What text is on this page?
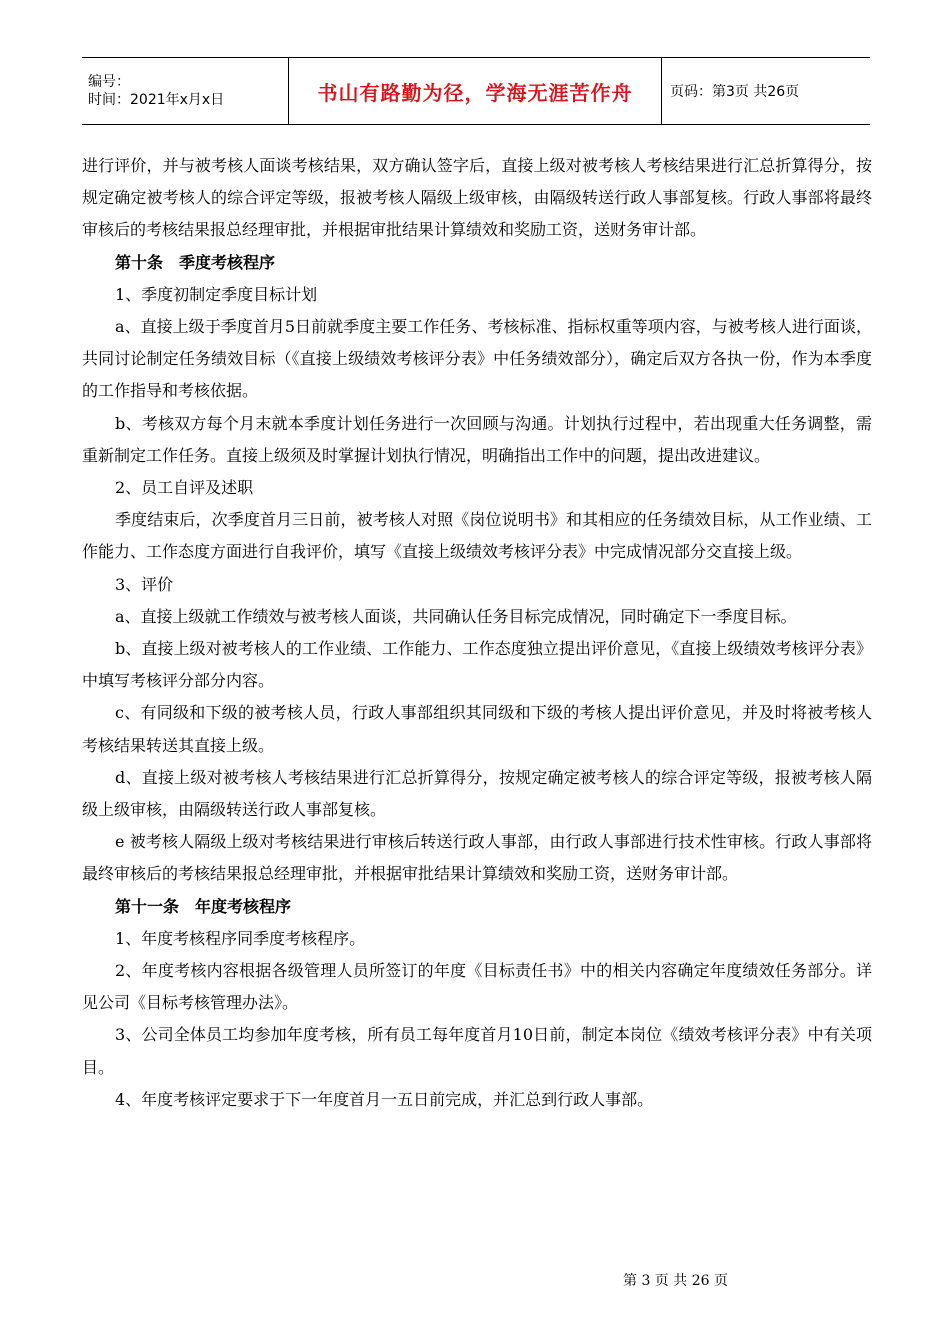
编号：
时间：2021年x月x日	书山有路勤为径，学海无涯苦作舟	页码：第3页 共26页

进行评价，并与被考核人面谈考核结果，双方确认签字后，直接上级对被考核人考核结果进行汇总折算得分，按规定确定被考核人的综合评定等级，报被考核人隔级上级审核，由隔级转送行政人事部复核。行政人事部将最终审核后的考核结果报总经理审批，并根据审批结果计算绩效和奖励工资，送财务审计部。

第十条　季度考核程序

1、季度初制定季度目标计划

a、直接上级于季度首月5日前就季度主要工作任务、考核标准、指标权重等项内容，与被考核人进行面谈，共同讨论制定任务绩效目标（《直接上级绩效考核评分表》中任务绩效部分），确定后双方各执一份，作为本季度的工作指导和考核依据。

b、考核双方每个月末就本季度计划任务进行一次回顾与沟通。计划执行过程中，若出现重大任务调整，需重新制定工作任务。直接上级须及时掌握计划执行情况，明确指出工作中的问题，提出改进建议。

2、员工自评及述职

季度结束后，次季度首月三日前，被考核人对照《岗位说明书》和其相应的任务绩效目标，从工作业绩、工作能力、工作态度方面进行自我评价，填写《直接上级绩效考核评分表》中完成情况部分交直接上级。

3、评价

a、直接上级就工作绩效与被考核人面谈，共同确认任务目标完成情况，同时确定下一季度目标。

b、直接上级对被考核人的工作业绩、工作能力、工作态度独立提出评价意见，《直接上级绩效考核评分表》中填写考核评分部分内容。

c、有同级和下级的被考核人员，行政人事部组织其同级和下级的考核人提出评价意见，并及时将被考核人考核结果转送其直接上级。

d、直接上级对被考核人考核结果进行汇总折算得分，按规定确定被考核人的综合评定等级，报被考核人隔级上级审核，由隔级转送行政人事部复核。

e 被考核人隔级上级对考核结果进行审核后转送行政人事部，由行政人事部进行技术性审核。行政人事部将最终审核后的考核结果报总经理审批，并根据审批结果计算绩效和奖励工资，送财务审计部。

第十一条　年度考核程序

1、年度考核程序同季度考核程序。

2、年度考核内容根据各级管理人员所签订的年度《目标责任书》中的相关内容确定年度绩效任务部分。详见公司《目标考核管理办法》。

3、公司全体员工均参加年度考核，所有员工每年度首月10日前，制定本岗位《绩效考核评分表》中有关项目。

4、年度考核评定要求于下一年度首月一五日前完成，并汇总到行政人事部。

第 3 页 共 26 页
